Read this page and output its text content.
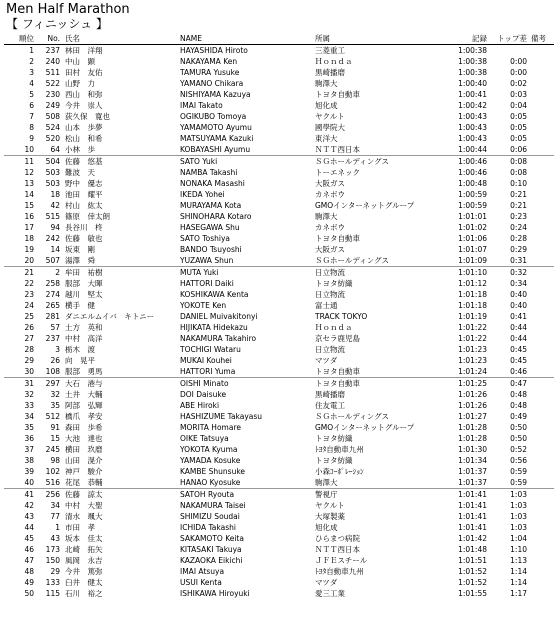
Men Half Marathon
【 フィニッシュ 】
順位	No.	氏名	NAME	所属	記録	トップ差	備考
1	237	林田　洋翔	HAYASHIDA Hiroto	三菱重工	1:00:38		
2	240	中山　顕	NAKAYAMA Ken	Ｈｏｎｄａ	1:00:38	0:00	
3	511	田村　友佑	TAMURA Yusuke	黒崎播磨	1:00:38	0:00	
4	522	山野　力	YAMANO Chikara	駒澤大	1:00:40	0:02	
5	230	西山　和弥	NISHIYAMA Kazuya	トヨタ自動車	1:00:41	0:03	
6	249	今井　崇人	IMAI Takato	旭化成	1:00:42	0:04	
7	508	荻久保　寛也	OGIKUBO Tomoya	ヤクルト	1:00:43	0:05	
8	524	山本　歩夢	YAMAMOTO Ayumu	國學院大	1:00:43	0:05	
9	520	松山　和希	MATSUYAMA Kazuki	東洋大	1:00:43	0:05	
10	64	小林　歩	KOBAYASHI Ayumu	ＮＴＴ西日本	1:00:44	0:06	
11	504	佐藤　悠基	SATO Yuki	ＳＧホールディングス	1:00:46	0:08	
12	503	難波　天	NAMBA Takashi	トーエネック	1:00:46	0:08	
13	503	野中　優志	NONAKA Masashi	大阪ガス	1:00:48	0:10	
14	18	池田　耀平	IKEDA Yohei	カネボウ	1:00:59	0:21	
15	42	村山　紘太	MURAYAMA Kota	GMOインターネットグループ	1:00:59	0:21	
16	515	篠原　倖太朗	SHINOHARA Kotaro	駒澤大	1:01:01	0:23	
17	94	長谷川　柊	HASEGAWA Shu	カネボウ	1:01:02	0:24	
18	242	佐藤　敏也	SATO Toshiya	トヨタ自動車	1:01:06	0:28	
19	14	坂東　剛	BANDO Tsuyoshi	大阪ガス	1:01:07	0:29	
20	507	湯澤　舜	YUZAWA Shun	ＳＧホールディングス	1:01:09	0:31	
21	2	牟田　祐樹	MUTA Yuki	日立物流	1:01:10	0:32	
22	258	服部　大暉	HATTORI Daiki	トヨタ紡織	1:01:12	0:34	
23	274	越川　堅太	KOSHIKAWA Kenta	日立物流	1:01:18	0:40	
24	265	横手　健	YOKOTE Ken	富士通	1:01:18	0:40	
25	281	ダニエルムイバ　キトニー	DANIEL Muivakitonyi	TRACK TOKYO	1:01:19	0:41	
26	57	土方　英和	HIJIKATA Hidekazu	Ｈｏｎｄａ	1:01:22	0:44	
27	237	中村　高洋	NAKAMURA Takahiro	京セラ鹿児島	1:01:22	0:44	
28	3	栃木　渡	TOCHIGI Wataru	日立物流	1:01:23	0:45	
29	26	向　晃平	MUKAI Kouhei	マツダ	1:01:23	0:45	
30	108	服部　勇馬	HATTORI Yuma	トヨタ自動車	1:01:24	0:46	
31	297	大石　港与	OISHI Minato	トヨタ自動車	1:01:25	0:47	
32	32	土井　大輔	DOI Daisuke	黒崎播磨	1:01:26	0:48	
33	35	阿部　弘輝	ABE Hiroki	住友電工	1:01:26	0:48	
34	512	橋爪　孝安	HASHIZUME Takayasu	ＳＧホールディングス	1:01:27	0:49	
35	91	森田　歩希	MORITA Homare	GMOインターネットグループ	1:01:28	0:50	
36	15	大池　達也	OIKE Tatsuya	トヨタ紡織	1:01:28	0:50	
37	245	横田　玖磨	YOKOTA Kyuma	ﾄﾖﾀ自動車九州	1:01:30	0:52	
38	98	山田　滉介	YAMADA Kosuke	トヨタ紡織	1:01:34	0:56	
39	102	神戸　駿介	KAMBE Shunsuke	小森ｺｰﾎﾟﾚｰｼｮﾝ	1:01:37	0:59	
40	516	花尾　恭輔	HANAO Kyosuke	駒澤大	1:01:37	0:59	
41	256	佐藤　諒太	SATOH Ryouta	警視庁	1:01:41	1:03	
42	34	中村　大聖	NAKAMURA Taisei	ヤクルト	1:01:41	1:03	
43	77	清水　颯大	SHIMIZU Soudai	大塚製薬	1:01:41	1:03	
44	1	市田　孝	ICHIDA Takashi	旭化成	1:01:41	1:03	
45	43	坂本　佳太	SAKAMOTO Keita	ひらまつ病院	1:01:42	1:04	
46	173	北崎　拓矢	KITASAKI Takuya	ＮＴＴ西日本	1:01:48	1:10	
47	150	風岡　永吉	KAZAOKA Eikichi	ＪＦＥスチール	1:01:51	1:13	
48	29	今井　篤弥	IMAI Atsuya	ﾄﾖﾀ自動車九州	1:01:52	1:14	
49	133	臼井　健太	USUI Kenta	マツダ	1:01:52	1:14	
50	115	石川　裕之	ISHIKAWA Hiroyuki	愛三工業	1:01:55	1:17	
